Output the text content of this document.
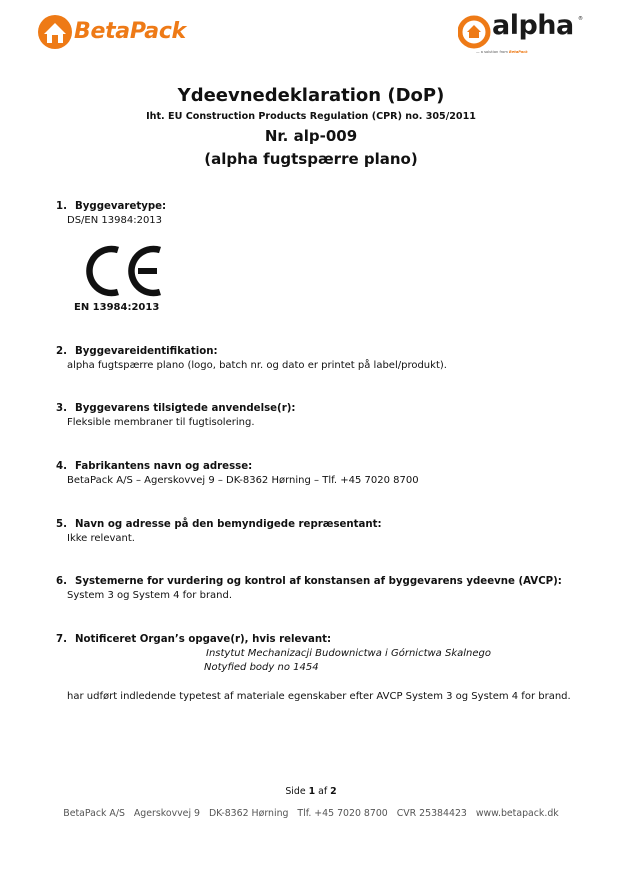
BetaPack	alpha ®
— a solution from BetaPack
Ydeevnedeklaration (DoP)
Iht. EU Construction Products Regulation (CPR) no. 305/2011
Nr. alp-009
(alpha fugtspærre plano)
1. Byggevaretype:
DS/EN 13984:2013
EN 13984:2013
2. Byggevareidentifikation:
alpha fugtspærre plano (logo, batch nr. og dato er printet på label/produkt).
3. Byggevarens tilsigtede anvendelse(r):
Fleksible membraner til fugtisolering.
4. Fabrikantens navn og adresse:
BetaPack A/S – Agerskovvej 9 – DK-8362 Hørning – Tlf. +45 7020 8700
5. Navn og adresse på den bemyndigede repræsentant:
Ikke relevant.
6. Systemerne for vurdering og kontrol af konstansen af byggevarens ydeevne (AVCP):
System 3 og System 4 for brand.
7. Notificeret Organ’s opgave(r), hvis relevant:
Instytut Mechanizacji Budownictwa i Górnictwa Skalnego
Notyfied body no 1454
har udført indledende typetest af materiale egenskaber efter AVCP System 3 og System 4 for brand.
Side 1 af 2
BetaPack A/S   Agerskovvej 9   DK-8362 Hørning   Tlf. +45 7020 8700   CVR 25384423   www.betapack.dk
